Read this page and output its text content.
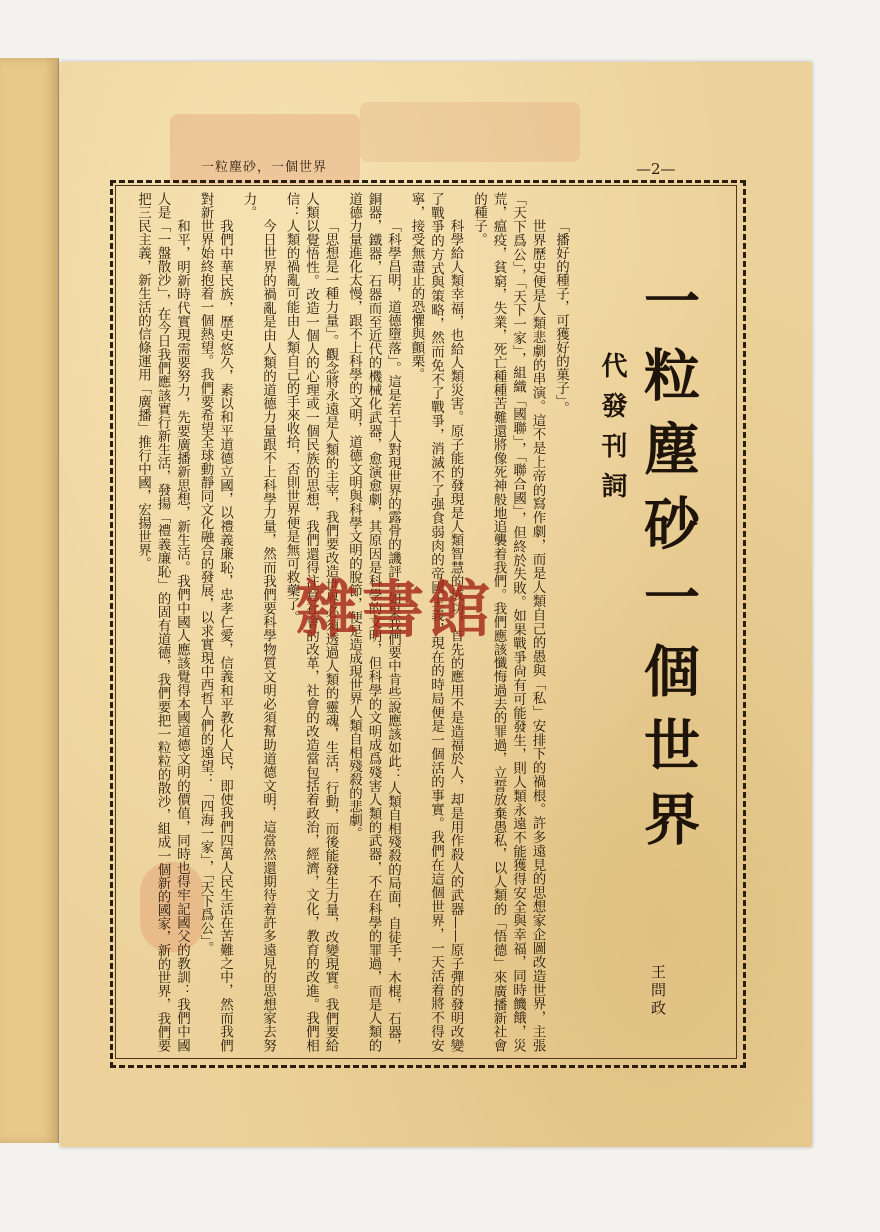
一粒塵砂，一個世界	—2—
一粒塵砂一個世界
代發刊詞
王問政

「播好的種子，可獲好的菓子」。

世界歷史便是人類悲劇的串演。這不是上帝的寫作劇，而是人類自己的愚與「私」安排下的禍根。許多遠見的思想家企圖改造世界，主張「天下爲公」，「天下一家」，組織「國聯」，「聯合國」，但終於失敗。如果戰爭尙有可能發生，則人類永遠不能獲得安全與幸福，同時饑餓，災荒，瘟疫，貧窮，失業，死亡種種苦難還將像死神般地追襲着我們。我們應該懺悔過去的罪過，立誓放棄愚私，以人類的「悟德」來廣播新社會的種子。

科學給人類幸福，也給人類災害。原子能的發現是人類智慧的成功，首先的應用不是造福於人，却是用作殺人的武器——原子彈的發明改變了戰爭的方式與策略，然而免不了戰爭，消滅不了强食弱肉的帝國主義，現在的時局便是一個活的事實。我們在這個世界，一天活着將不得安寧，接受無盡止的恐懼與顫栗。

「科學昌明，道德墮落」。這是若干人對現世界的露骨的譏評；如果我們要中肯些說應該如此：人類自相殘殺的局面，自徒手，木棍，石器，銅器，鐵器，石器而至近代的機械化武器，愈演愈劇，其原因是科學的文明，但科學的文明成爲殘害人類的武器，不在科學的罪過，而是人類的道德力量進化太慢，跟不上科學的文明，道德文明與科學文明的脫節，便是造成現世界人類自相殘殺的悲劇。

「思想是一種力量」。觀念將永遠是人類的主宰，我們要改造世界必須透過人類的靈魂，生活，行動，而後能發生力量，改變現實。我們要給人類以覺悟性。改造一個人的心理或一個民族的思想，我們還得注意社會的改革，社會的改造當包括着政治，經濟，文化，教育的改進。我們相信：人類的禍亂可能由人類自己的手來收拾，否則世界便是無可救藥了。

今日世界的禍亂是由人類的道德力量跟不上科學力量，然而我們要科學物質文明必須幫助道德文明，這當然還期待着許多遠見的思想家去努力。

我們中華民族，歷史悠久，素以和平道德立國，以禮義廉恥，忠孝仁愛，信義和平教化人民，即使我們四萬人民生活在苦難之中，然而我們對新世界始終抱着一個熱望。我們要希望全球動靜同文化融合的發展，以求實現中西哲人們的遠望：「四海一家」，「天下爲公」。

和平，明新時代實現需要努力，先要廣播新思想，新生活。我們中國人應該覺得本國道德文明的價值，同時也得牢記國父的教訓：我們中國人是「一盤散沙」，在今日我們應該實行新生活，發揚「禮義廉恥」的固有道德，我們要把一粒粒的散沙，組成一個新的國家，新的世界，我們要把三民主義，新生活的信條運用「廣播」推行中國，宏揚世界。

雜書館
